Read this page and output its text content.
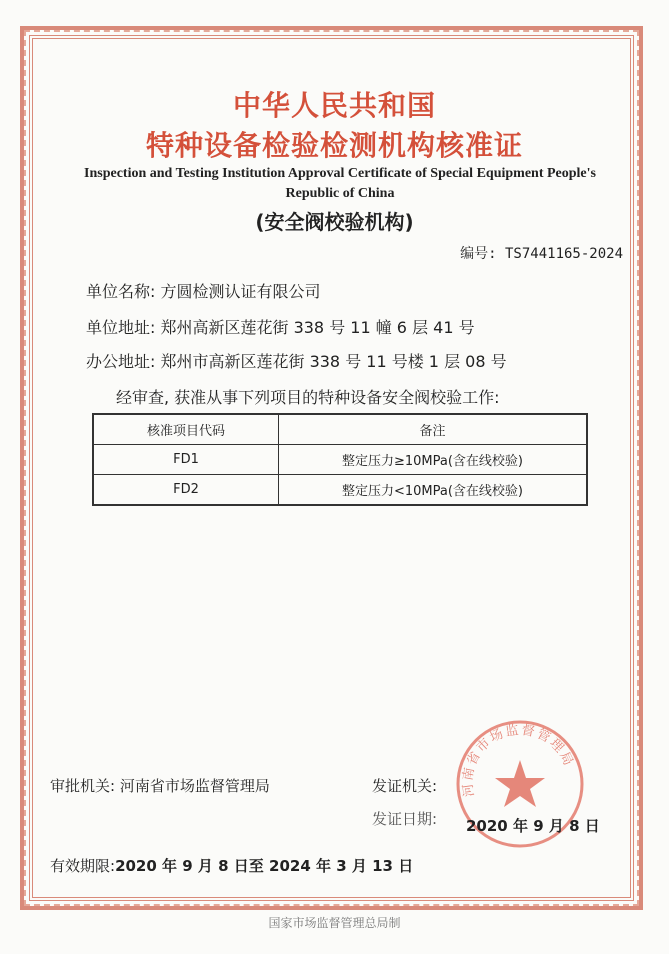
中华人民共和国
特种设备检验检测机构核准证
Inspection and Testing Institution Approval Certificate of Special Equipment People's Republic of China
(安全阀校验机构)
编号: TS7441165-2024
单位名称: 方圆检测认证有限公司
单位地址: 郑州高新区莲花街 338 号 11 幢 6 层 41 号
办公地址: 郑州市高新区莲花街 338 号 11 号楼 1 层 08 号
经审查, 获准从事下列项目的特种设备安全阀校验工作:
核准项目代码	备注
FD1	整定压力≥10MPa(含在线校验)
FD2	整定压力<10MPa(含在线校验)
河南省市场监督管理局
审批机关: 河南省市场监督管理局	发证机关:
发证日期: 2020 年 9 月 8 日
有效期限:2020 年 9 月 8 日至 2024 年 3 月 13 日
国家市场监督管理总局制
